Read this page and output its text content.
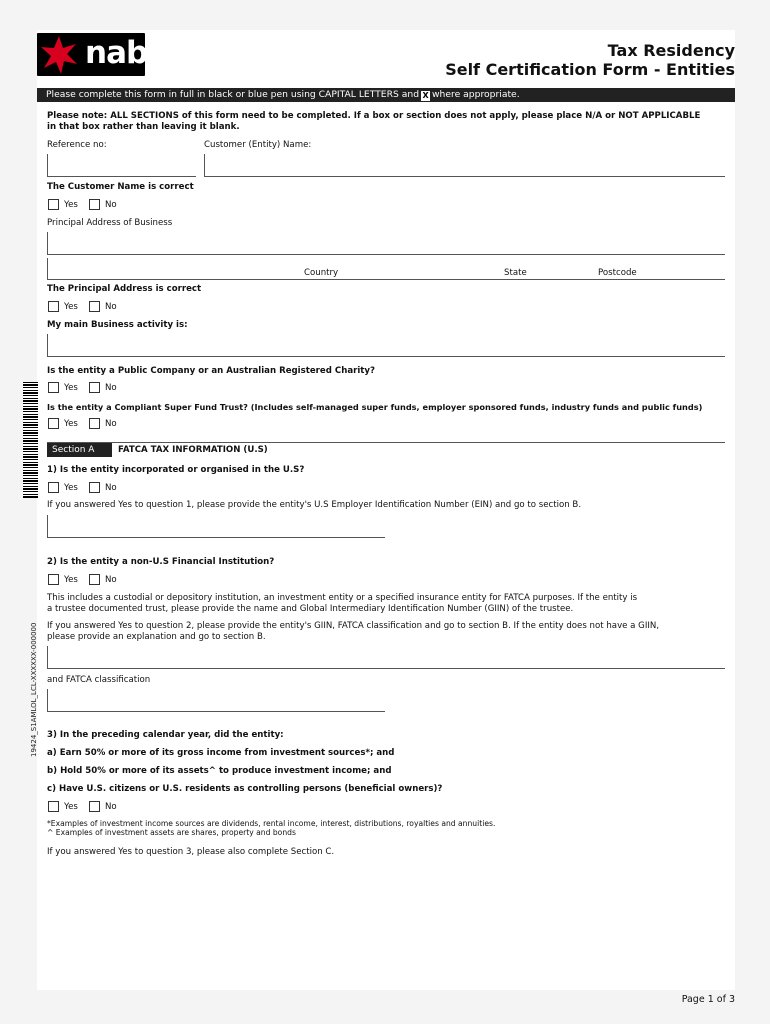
nab	Tax Residency
Self Certification Form - Entities
Please complete this form in full in black or blue pen using CAPITAL LETTERS and X where appropriate.
Please note: ALL SECTIONS of this form need to be completed. If a box or section does not apply, please place N/A or NOT APPLICABLE
in that box rather than leaving it blank.
Reference no:	Customer (Entity) Name:
The Customer Name is correct
Yes	No
Principal Address of Business
Country	State	Postcode
The Principal Address is correct
Yes	No
My main Business activity is:
Is the entity a Public Company or an Australian Registered Charity?
Yes	No
Is the entity a Compliant Super Fund Trust? (Includes self-managed super funds, employer sponsored funds, industry funds and public funds)
Yes	No
Section A	FATCA TAX INFORMATION (U.S)
1) Is the entity incorporated or organised in the U.S?
Yes	No
If you answered Yes to question 1, please provide the entity's U.S Employer Identification Number (EIN) and go to section B.
2) Is the entity a non-U.S Financial Institution?
Yes	No
This includes a custodial or depository institution, an investment entity or a specified insurance entity for FATCA purposes. If the entity is
a trustee documented trust, please provide the name and Global Intermediary Identification Number (GIIN) of the trustee.
If you answered Yes to question 2, please provide the entity's GIIN, FATCA classification and go to section B. If the entity does not have a GIIN,
please provide an explanation and go to section B.
and FATCA classification
3) In the preceding calendar year, did the entity:
a) Earn 50% or more of its gross income from investment sources*; and
b) Hold 50% or more of its assets^ to produce investment income; and
c) Have U.S. citizens or U.S. residents as controlling persons (beneficial owners)?
Yes	No
*Examples of investment income sources are dividends, rental income, interest, distributions, royalties and annuities.
^ Examples of investment assets are shares, property and bonds
If you answered Yes to question 3, please also complete Section C.
19424_S1AMLOL_LCL-XXXXXX-000000
Page 1 of 3
